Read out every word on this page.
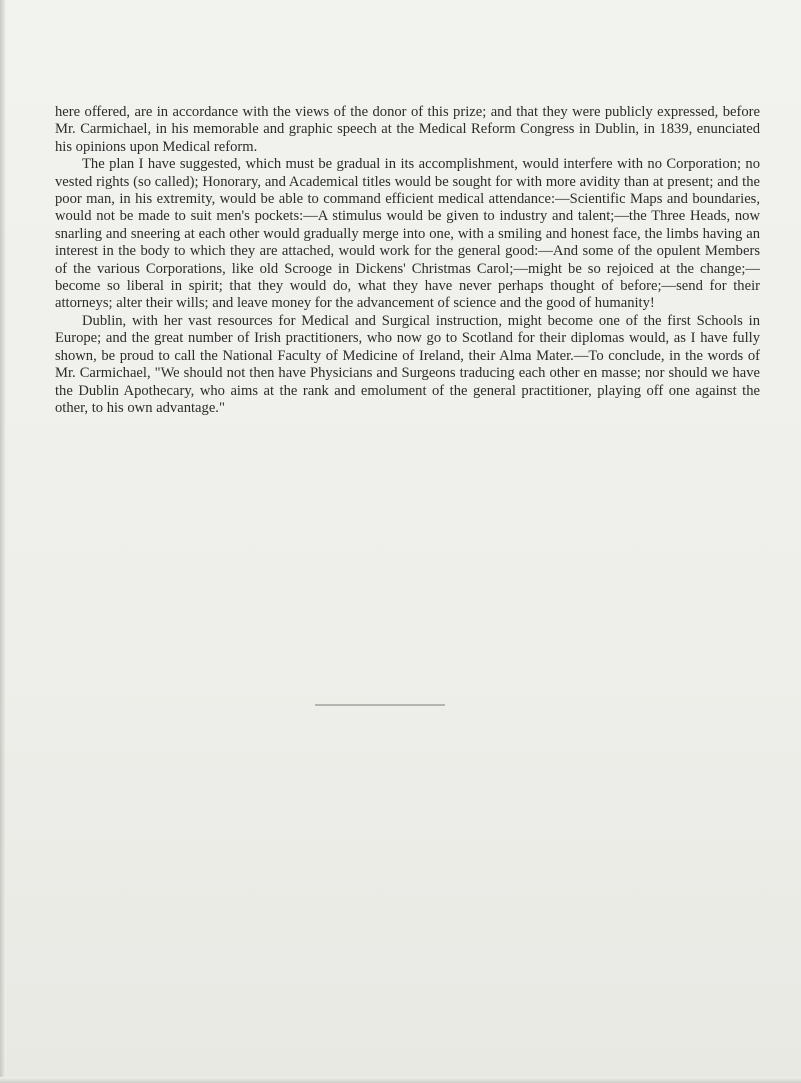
here offered, are in accordance with the views of the donor of this prize; and that they were publicly expressed, before Mr. Carmichael, in his memorable and graphic speech at the Medical Reform Congress in Dublin, in 1839, enunciated his opinions upon Medical reform.

The plan I have suggested, which must be gradual in its accomplishment, would interfere with no Corporation; no vested rights (so called); Honorary, and Academical titles would be sought for with more avidity than at present; and the poor man, in his extremity, would be able to command efficient medical attendance:—Scientific Maps and boundaries, would not be made to suit men's pockets:—A stimulus would be given to industry and talent;—the Three Heads, now snarling and sneering at each other would gradually merge into one, with a smiling and honest face, the limbs having an interest in the body to which they are attached, would work for the general good:—And some of the opulent Members of the various Corporations, like old Scrooge in Dickens' Christmas Carol;—might be so rejoiced at the change;—become so liberal in spirit; that they would do, what they have never perhaps thought of before;—send for their attorneys; alter their wills; and leave money for the advancement of science and the good of humanity!

Dublin, with her vast resources for Medical and Surgical instruction, might become one of the first Schools in Europe; and the great number of Irish practitioners, who now go to Scotland for their diplomas would, as I have fully shown, be proud to call the National Faculty of Medicine of Ireland, their Alma Mater.—To conclude, in the words of Mr. Carmichael, "We should not then have Physicians and Surgeons traducing each other en masse; nor should we have the Dublin Apothecary, who aims at the rank and emolument of the general practitioner, playing off one against the other, to his own advantage."
